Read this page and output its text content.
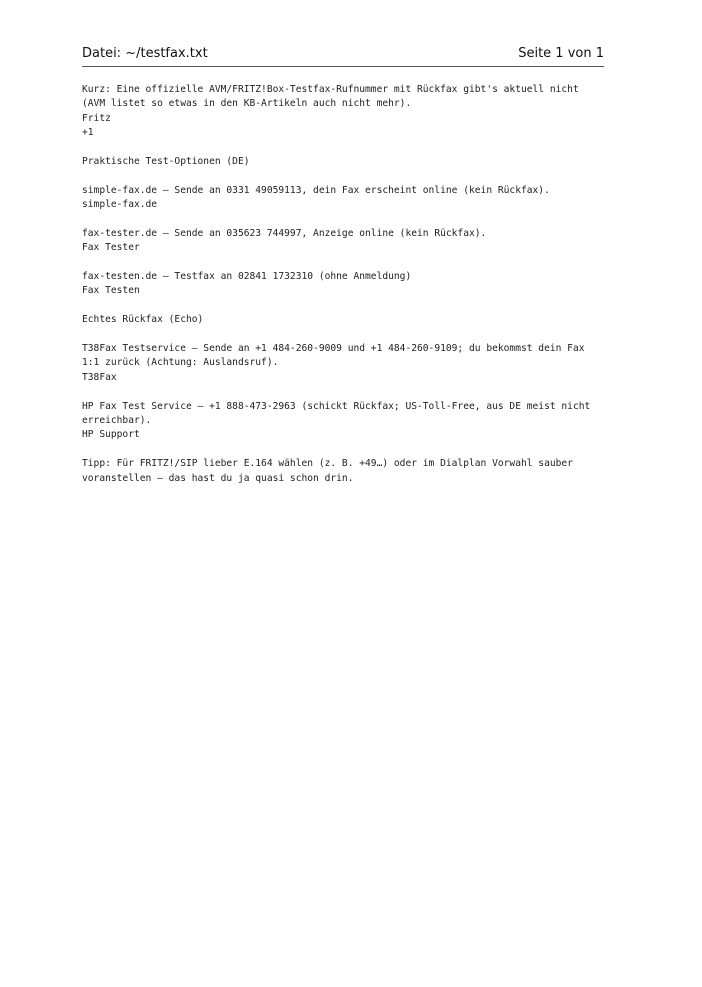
Datei: ~/testfax.txt	Seite 1 von 1
Kurz: Eine offizielle AVM/FRITZ!Box-Testfax-Rufnummer mit Rückfax gibt's aktuell nicht
(AVM listet so etwas in den KB-Artikeln auch nicht mehr).
Fritz
+1
Praktische Test-Optionen (DE)
simple-fax.de – Sende an 0331 49059113, dein Fax erscheint online (kein Rückfax).
simple-fax.de
fax-tester.de – Sende an 035623 744997, Anzeige online (kein Rückfax).
Fax Tester
fax-testen.de – Testfax an 02841 1732310 (ohne Anmeldung)
Fax Testen
Echtes Rückfax (Echo)
T38Fax Testservice – Sende an +1 484-260-9009 und +1 484-260-9109; du bekommst dein Fax
1:1 zurück (Achtung: Auslandsruf).
T38Fax
HP Fax Test Service – +1 888-473-2963 (schickt Rückfax; US-Toll-Free, aus DE meist nicht
erreichbar).
HP Support
Tipp: Für FRITZ!/SIP lieber E.164 wählen (z. B. +49…) oder im Dialplan Vorwahl sauber
voranstellen – das hast du ja quasi schon drin.
